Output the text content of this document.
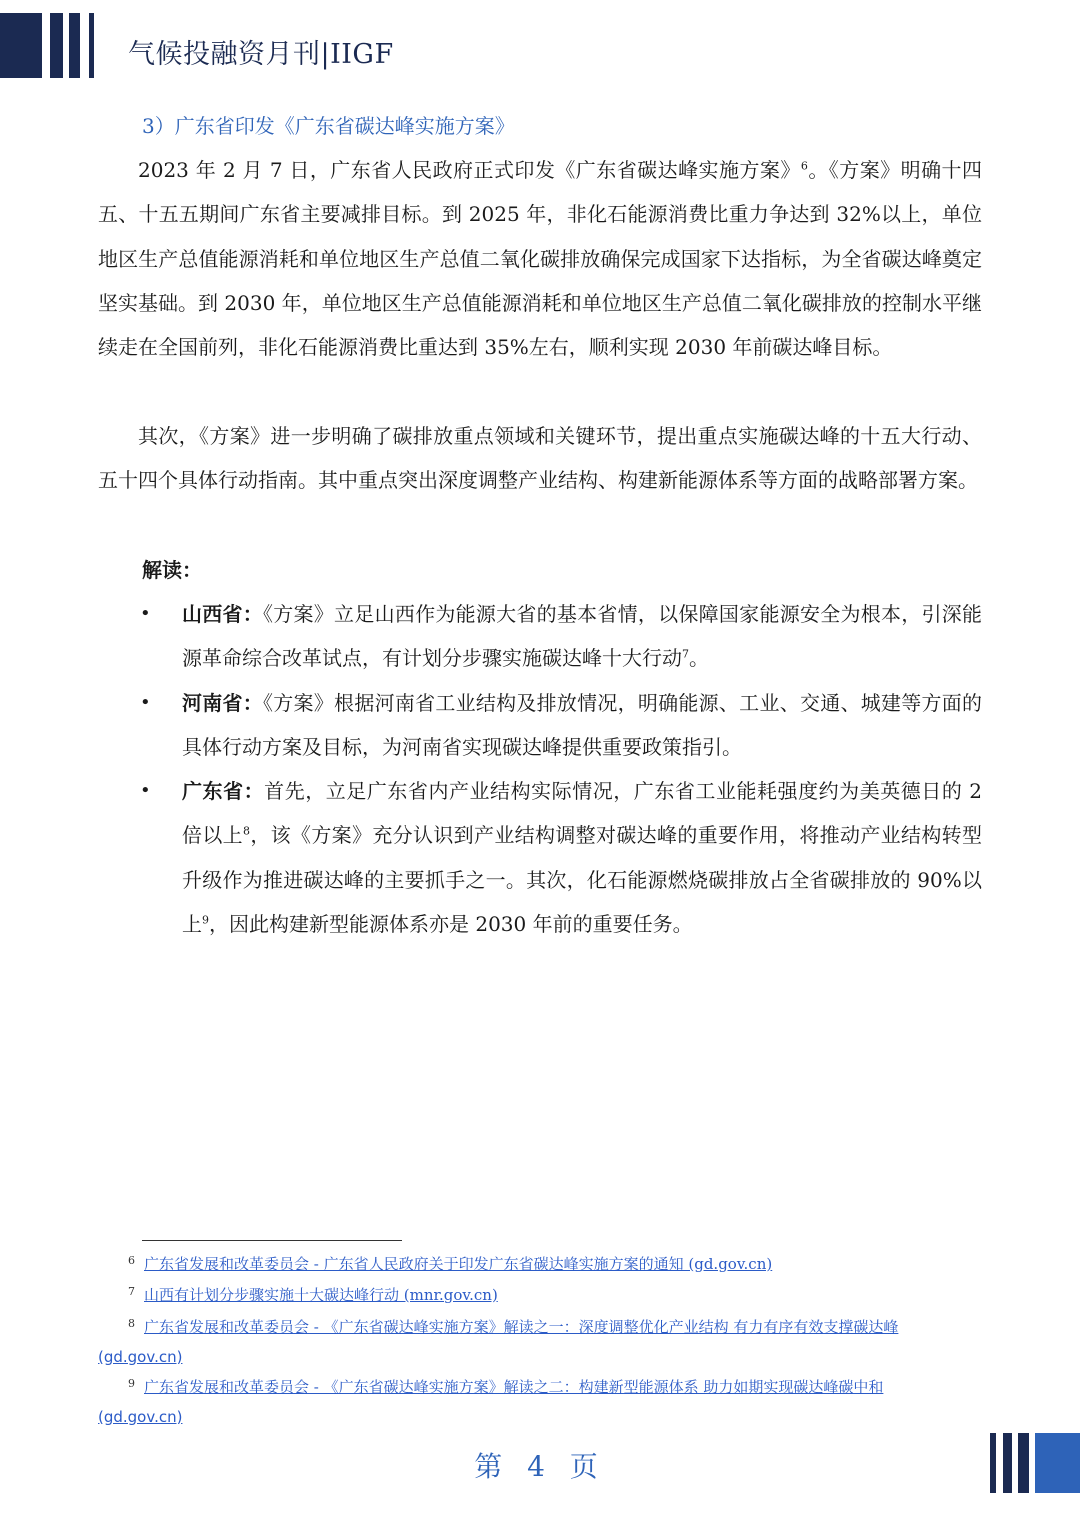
气候投融资月刊|IIGF
3）广东省印发《广东省碳达峰实施方案》

2023 年 2 月 7 日，广东省人民政府正式印发《广东省碳达峰实施方案》$^6$。《方案》明确十四五、十五五期间广东省主要减排目标。到 2025 年，非化石能源消费比重力争达到 32%以上，单位地区生产总值能源消耗和单位地区生产总值二氧化碳排放确保完成国家下达指标，为全省碳达峰奠定坚实基础。到 2030 年，单位地区生产总值能源消耗和单位地区生产总值二氧化碳排放的控制水平继续走在全国前列，非化石能源消费比重达到 35%左右，顺利实现 2030 年前碳达峰目标。

其次，《方案》进一步明确了碳排放重点领域和关键环节，提出重点实施碳达峰的十五大行动、五十四个具体行动指南。其中重点突出深度调整产业结构、构建新能源体系等方面的战略部署方案。

解读：
• 山西省：《方案》立足山西作为能源大省的基本省情，以保障国家能源安全为根本，引深能源革命综合改革试点，有计划分步骤实施碳达峰十大行动$^7$。
• 河南省：《方案》根据河南省工业结构及排放情况，明确能源、工业、交通、城建等方面的具体行动方案及目标，为河南省实现碳达峰提供重要政策指引。
• 广东省：首先，立足广东省内产业结构实际情况，广东省工业能耗强度约为美英德日的 2 倍以上$^8$，该《方案》充分认识到产业结构调整对碳达峰的重要作用，将推动产业结构转型升级作为推进碳达峰的主要抓手之一。其次，化石能源燃烧碳排放占全省碳排放的 90%以上$^9$，因此构建新型能源体系亦是 2030 年前的重要任务。
6 广东省发展和改革委员会 - 广东省人民政府关于印发广东省碳达峰实施方案的通知 (gd.gov.cn)
7 山西有计划分步骤实施十大碳达峰行动 (mnr.gov.cn)
8 广东省发展和改革委员会 - 《广东省碳达峰实施方案》解读之一：深度调整优化产业结构 有力有序有效支撑碳达峰
(gd.gov.cn)
9 广东省发展和改革委员会 - 《广东省碳达峰实施方案》解读之二：构建新型能源体系 助力如期实现碳达峰碳中和
(gd.gov.cn)
第 4 页
